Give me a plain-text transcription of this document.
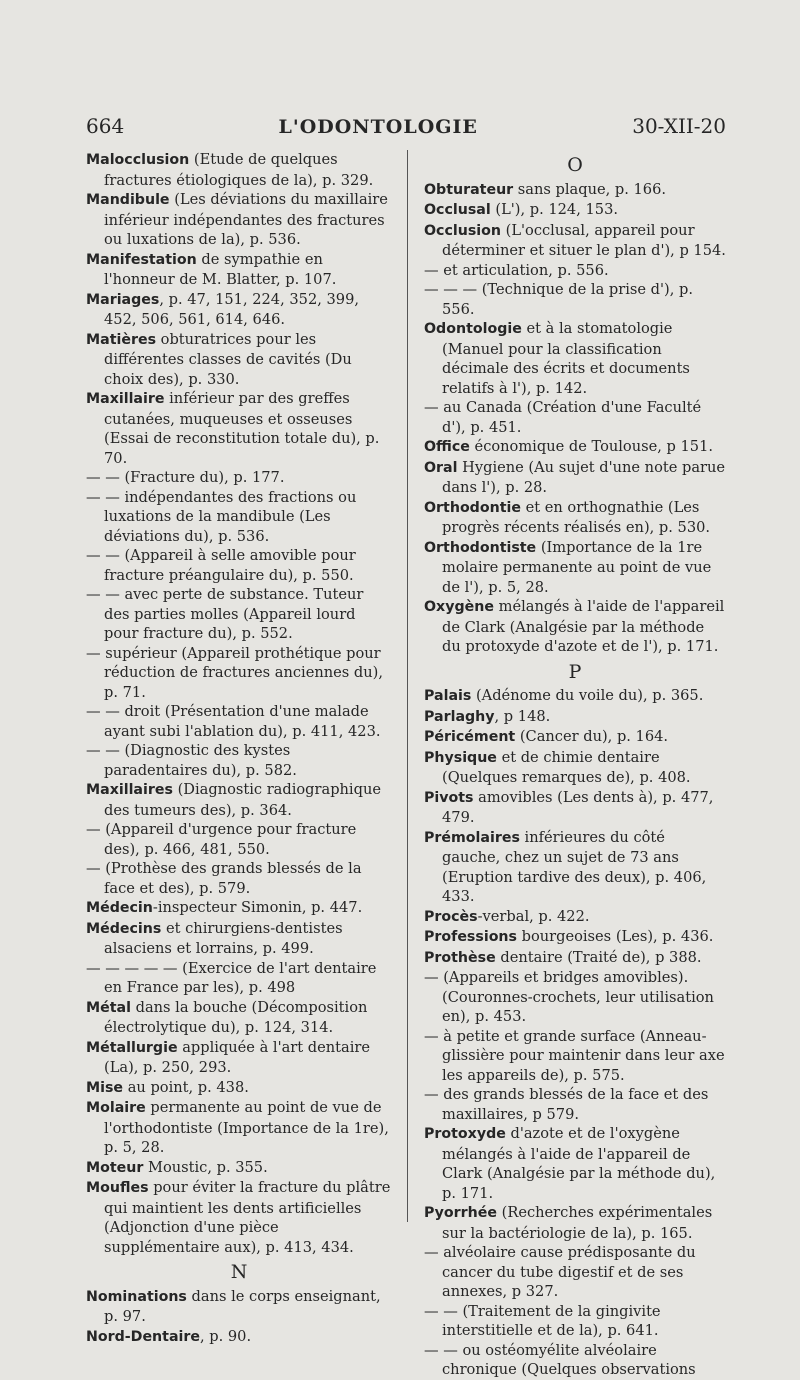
664	L'ODONTOLOGIE	30-XII-20
Malocclusion (Etude de quelques fractures étiologiques de la), p. 329.
Mandibule (Les déviations du maxillaire inférieur indépendantes des fractures ou luxations de la), p. 536.
Manifestation de sympathie en l'honneur de M. Blatter, p. 107.
Mariages, p. 47, 151, 224, 352, 399, 452, 506, 561, 614, 646.
Matières obturatrices pour les différentes classes de cavités (Du choix des), p. 330.
Maxillaire inférieur par des greffes cutanées, muqueuses et osseuses (Essai de reconstitution totale du), p. 70.
— — (Fracture du), p. 177.
— — indépendantes des fractions ou luxations de la mandibule (Les déviations du), p. 536.
— — (Appareil à selle amovible pour fracture préangulaire du), p. 550.
— — avec perte de substance. Tuteur des parties molles (Appareil lourd pour fracture du), p. 552.
— supérieur (Appareil prothétique pour réduction de fractures anciennes du), p. 71.
— — droit (Présentation d'une malade ayant subi l'ablation du), p. 411, 423.
— — (Diagnostic des kystes paradentaires du), p. 582.
Maxillaires (Diagnostic radiographique des tumeurs des), p. 364.
— (Appareil d'urgence pour fracture des), p. 466, 481, 550.
— (Prothèse des grands blessés de la face et des), p. 579.
Médecin-inspecteur Simonin, p. 447.
Médecins et chirurgiens-dentistes alsaciens et lorrains, p. 499.
— — — — — (Exercice de l'art dentaire en France par les), p. 498
Métal dans la bouche (Décomposition électrolytique du), p. 124, 314.
Métallurgie appliquée à l'art dentaire (La), p. 250, 293.
Mise au point, p. 438.
Molaire permanente au point de vue de l'orthodontiste (Importance de la 1re), p. 5, 28.
Moteur Moustic, p. 355.
Moufles pour éviter la fracture du plâtre qui maintient les dents artificielles (Adjonction d'une pièce supplémentaire aux), p. 413, 434.
N
Nominations dans le corps enseignant, p. 97.
Nord-Dentaire, p. 90.
O
Obturateur sans plaque, p. 166.
Occlusal (L'), p. 124, 153.
Occlusion (L'occlusal, appareil pour déterminer et situer le plan d'), p 154.
— et articulation, p. 556.
— — — (Technique de la prise d'), p. 556.
Odontologie et à la stomatologie (Manuel pour la classification décimale des écrits et documents relatifs à l'), p. 142.
— au Canada (Création d'une Faculté d'), p. 451.
Office économique de Toulouse, p 151.
Oral Hygiene (Au sujet d'une note parue dans l'), p. 28.
Orthodontie et en orthognathie (Les progrès récents réalisés en), p. 530.
Orthodontiste (Importance de la 1re molaire permanente au point de vue de l'), p. 5, 28.
Oxygène mélangés à l'aide de l'appareil de Clark (Analgésie par la méthode du protoxyde d'azote et de l'), p. 171.
P
Palais (Adénome du voile du), p. 365.
Parlaghy, p 148.
Péricément (Cancer du), p. 164.
Physique et de chimie dentaire (Quelques remarques de), p. 408.
Pivots amovibles (Les dents à), p. 477, 479.
Prémolaires inférieures du côté gauche, chez un sujet de 73 ans (Eruption tardive des deux), p. 406, 433.
Procès-verbal, p. 422.
Professions bourgeoises (Les), p. 436.
Prothèse dentaire (Traité de), p 388.
— (Appareils et bridges amovibles). (Couronnes-crochets, leur utilisation en), p. 453.
— à petite et grande surface (Anneau-glissière pour maintenir dans leur axe les appareils de), p. 575.
— des grands blessés de la face et des maxillaires, p 579.
Protoxyde d'azote et de l'oxygène mélangés à l'aide de l'appareil de Clark (Analgésie par la méthode du), p. 171.
Pyorrhée (Recherches expérimentales sur la bactériologie de la), p. 165.
— alvéolaire cause prédisposante du cancer du tube digestif et de ses annexes, p 327.
— — (Traitement de la gingivite interstitielle et de la), p. 641.
— — ou ostéomyélite alvéolaire chronique (Quelques observations
